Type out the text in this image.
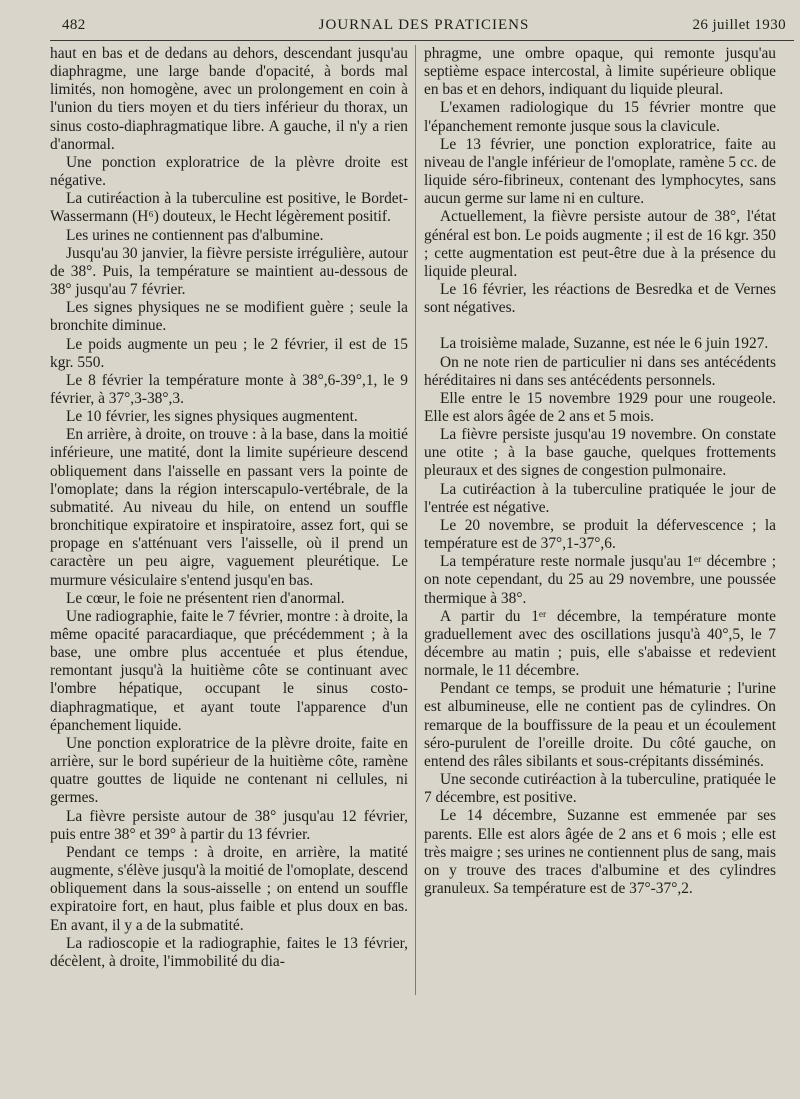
482	JOURNAL DES PRATICIENS	26 juillet 1930

haut en bas et de dedans au dehors, descendant jusqu'au diaphragme, une large bande d'opacité, à bords mal limités, non homogène, avec un prolongement en coin à l'union du tiers moyen et du tiers inférieur du thorax, un sinus costo-diaphragmatique libre. A gauche, il n'y a rien d'anormal.

Une ponction exploratrice de la plèvre droite est négative.

La cutiréaction à la tuberculine est positive, le Bordet-Wassermann (H⁶) douteux, le Hecht légèrement positif.

Les urines ne contiennent pas d'albumine.

Jusqu'au 30 janvier, la fièvre persiste irrégulière, autour de 38°. Puis, la température se maintient au-dessous de 38° jusqu'au 7 février.

Les signes physiques ne se modifient guère ; seule la bronchite diminue.

Le poids augmente un peu ; le 2 février, il est de 15 kgr. 550.

Le 8 février la température monte à 38°,6-39°,1, le 9 février, à 37°,3-38°,3.

Le 10 février, les signes physiques augmentent.

En arrière, à droite, on trouve : à la base, dans la moitié inférieure, une matité, dont la limite supérieure descend obliquement dans l'aisselle en passant vers la pointe de l'omoplate; dans la région interscapulo-vertébrale, de la submatité. Au niveau du hile, on entend un souffle bronchitique expiratoire et inspiratoire, assez fort, qui se propage en s'atténuant vers l'aisselle, où il prend un caractère un peu aigre, vaguement pleurétique. Le murmure vésiculaire s'entend jusqu'en bas.

Le cœur, le foie ne présentent rien d'anormal.

Une radiographie, faite le 7 février, montre : à droite, la même opacité paracardiaque, que précédemment ; à la base, une ombre plus accentuée et plus étendue, remontant jusqu'à la huitième côte se continuant avec l'ombre hépatique, occupant le sinus costo-diaphragmatique, et ayant toute l'apparence d'un épanchement liquide.

Une ponction exploratrice de la plèvre droite, faite en arrière, sur le bord supérieur de la huitième côte, ramène quatre gouttes de liquide ne contenant ni cellules, ni germes.

La fièvre persiste autour de 38° jusqu'au 12 février, puis entre 38° et 39° à partir du 13 février.

Pendant ce temps : à droite, en arrière, la matité augmente, s'élève jusqu'à la moitié de l'omoplate, descend obliquement dans la sous-aisselle ; on entend un souffle expiratoire fort, en haut, plus faible et plus doux en bas. En avant, il y a de la submatité.

La radioscopie et la radiographie, faites le 13 février, décèlent, à droite, l'immobilité du dia-

phragme, une ombre opaque, qui remonte jusqu'au septième espace intercostal, à limite supérieure oblique en bas et en dehors, indiquant du liquide pleural.

L'examen radiologique du 15 février montre que l'épanchement remonte jusque sous la clavicule.

Le 13 février, une ponction exploratrice, faite au niveau de l'angle inférieur de l'omoplate, ramène 5 cc. de liquide séro-fibrineux, contenant des lymphocytes, sans aucun germe sur lame ni en culture.

Actuellement, la fièvre persiste autour de 38°, l'état général est bon. Le poids augmente ; il est de 16 kgr. 350 ; cette augmentation est peut-être due à la présence du liquide pleural.

Le 16 février, les réactions de Besredka et de Vernes sont négatives.

La troisième malade, Suzanne, est née le 6 juin 1927.

On ne note rien de particulier ni dans ses antécédents héréditaires ni dans ses antécédents personnels.

Elle entre le 15 novembre 1929 pour une rougeole. Elle est alors âgée de 2 ans et 5 mois.

La fièvre persiste jusqu'au 19 novembre. On constate une otite ; à la base gauche, quelques frottements pleuraux et des signes de congestion pulmonaire.

La cutiréaction à la tuberculine pratiquée le jour de l'entrée est négative.

Le 20 novembre, se produit la défervescence ; la température est de 37°,1-37°,6.

La température reste normale jusqu'au 1ᵉʳ décembre ; on note cependant, du 25 au 29 novembre, une poussée thermique à 38°.

A partir du 1ᵉʳ décembre, la température monte graduellement avec des oscillations jusqu'à 40°,5, le 7 décembre au matin ; puis, elle s'abaisse et redevient normale, le 11 décembre.

Pendant ce temps, se produit une hématurie ; l'urine est albumineuse, elle ne contient pas de cylindres. On remarque de la bouffissure de la peau et un écoulement séro-purulent de l'oreille droite. Du côté gauche, on entend des râles sibilants et sous-crépitants disséminés.

Une seconde cutiréaction à la tuberculine, pratiquée le 7 décembre, est positive.

Le 14 décembre, Suzanne est emmenée par ses parents. Elle est alors âgée de 2 ans et 6 mois ; elle est très maigre ; ses urines ne contiennent plus de sang, mais on y trouve des traces d'albumine et des cylindres granuleux. Sa température est de 37°-37°,2.
